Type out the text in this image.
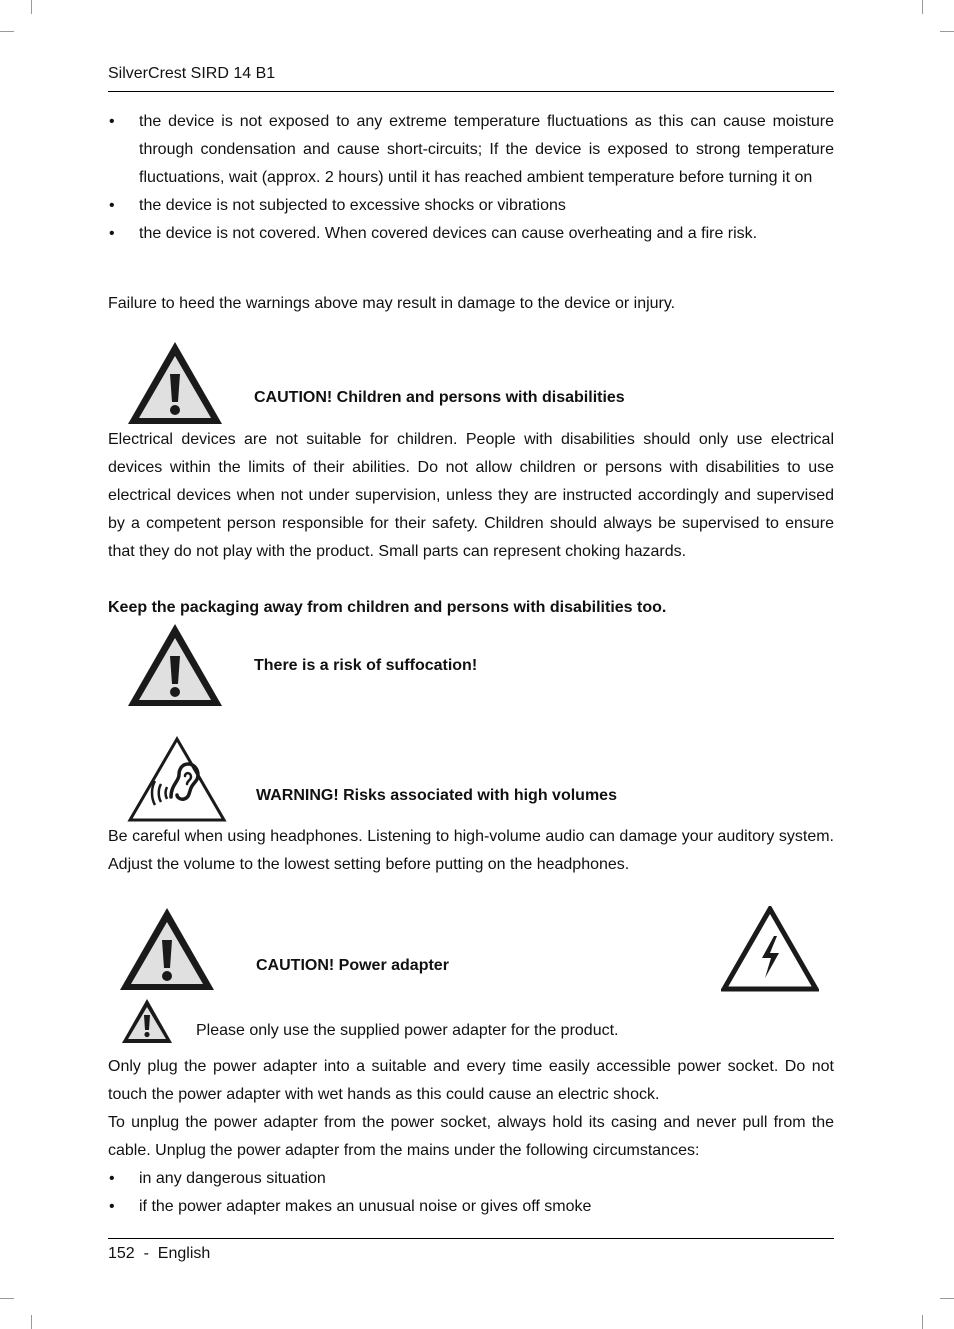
SilverCrest SIRD 14 B1
• the device is not exposed to any extreme temperature fluctuations as this can cause moisture through condensation and cause short-circuits; If the device is exposed to strong temperature fluctuations, wait (approx. 2 hours) until it has reached ambient temperature before turning it on
• the device is not subjected to excessive shocks or vibrations
• the device is not covered. When covered devices can cause overheating and a fire risk.

Failure to heed the warnings above may result in damage to the device or injury.

CAUTION! Children and persons with disabilities

Electrical devices are not suitable for children. People with disabilities should only use electrical devices within the limits of their abilities. Do not allow children or persons with disabilities to use electrical devices when not under supervision, unless they are instructed accordingly and supervised by a competent person responsible for their safety. Children should always be supervised to ensure that they do not play with the product. Small parts can represent choking hazards.

Keep the packaging away from children and persons with disabilities too.

There is a risk of suffocation!
WARNING! Risks associated with high volumes

Be careful when using headphones. Listening to high-volume audio can damage your auditory system. Adjust the volume to the lowest setting before putting on the headphones.

CAUTION! Power adapter
Please only use the supplied power adapter for the product.

Only plug the power adapter into a suitable and every time easily accessible power socket. Do not touch the power adapter with wet hands as this could cause an electric shock.

To unplug the power adapter from the power socket, always hold its casing and never pull from the cable. Unplug the power adapter from the mains under the following circumstances:

• in any dangerous situation
• if the power adapter makes an unusual noise or gives off smoke
152  -  English
